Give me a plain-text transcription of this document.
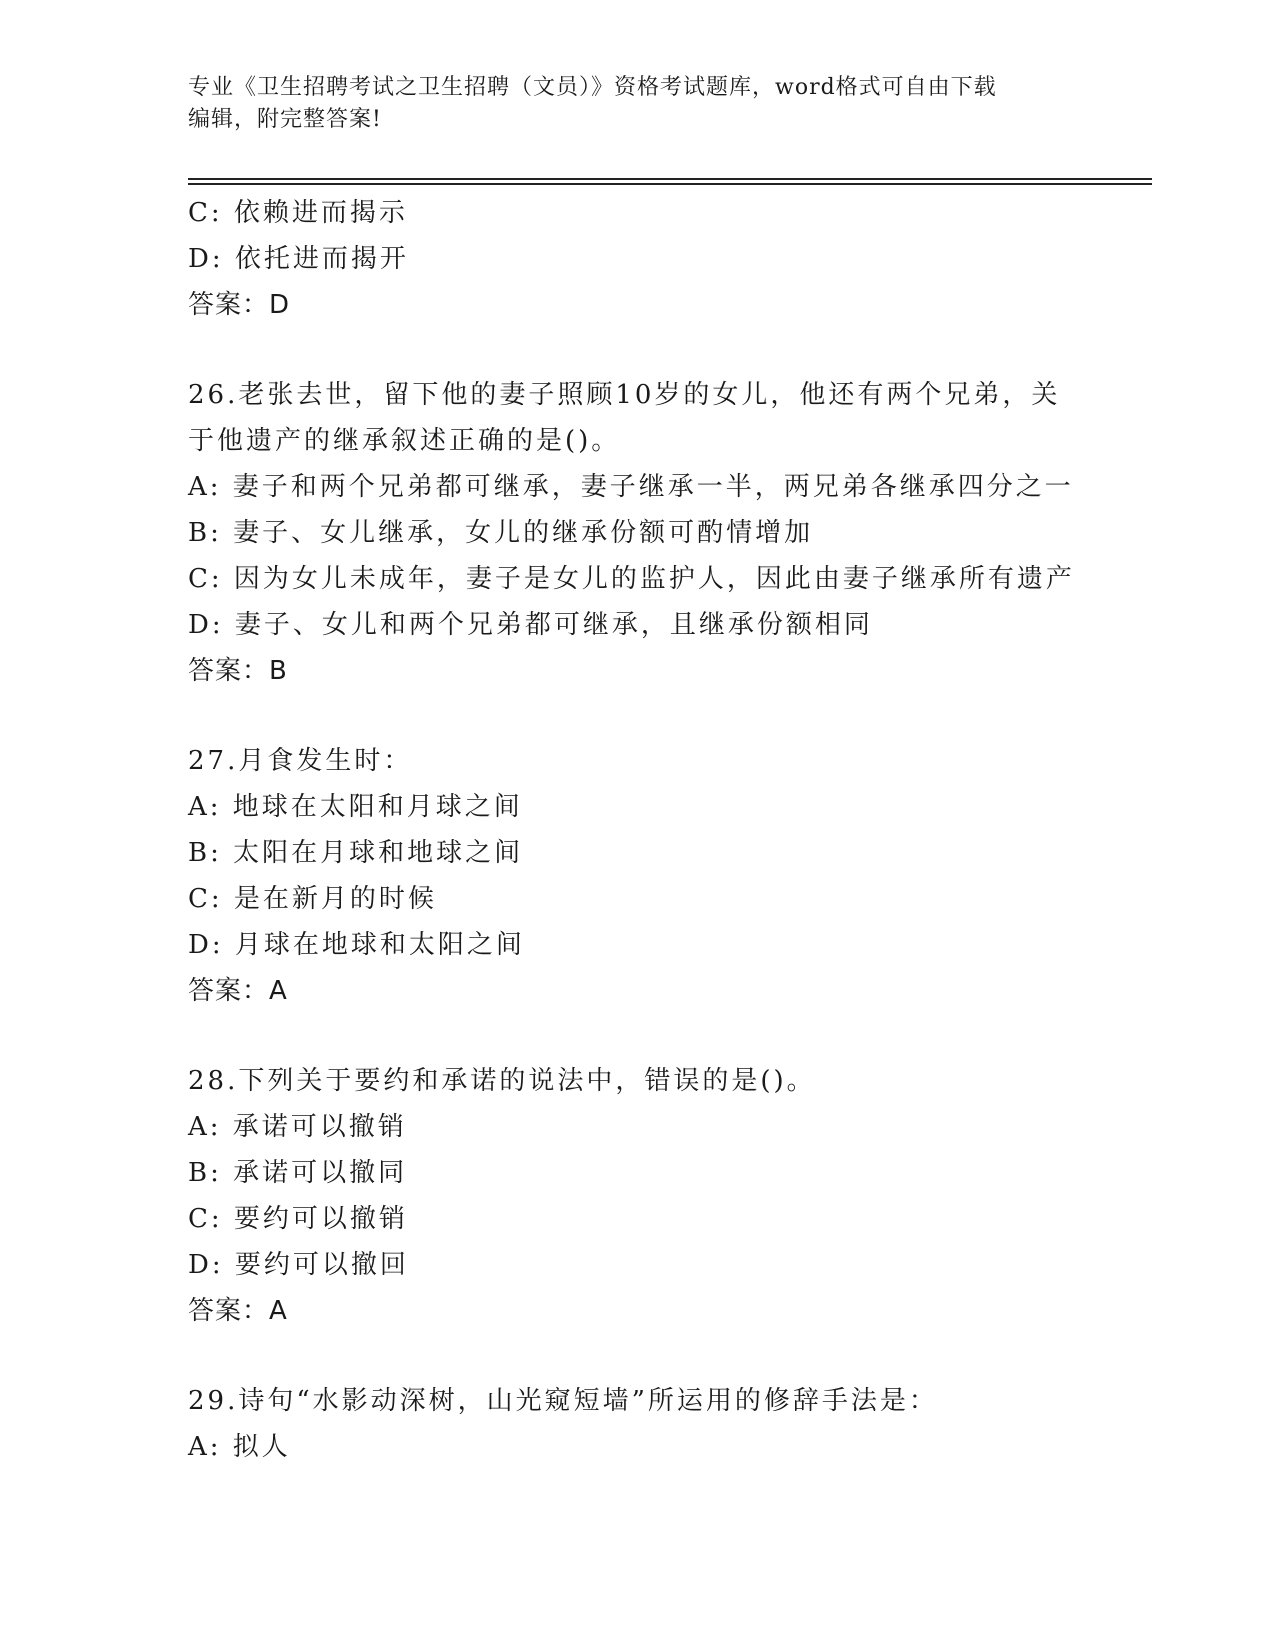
专业《卫生招聘考试之卫生招聘（文员）》资格考试题库，word格式可自由下载
编辑，附完整答案!
C: 依赖进而揭示
D: 依托进而揭开
答案：D
26.老张去世，留下他的妻子照顾10岁的女儿，他还有两个兄弟，关
于他遗产的继承叙述正确的是()。
A: 妻子和两个兄弟都可继承，妻子继承一半，两兄弟各继承四分之一
B: 妻子、女儿继承，女儿的继承份额可酌情增加
C: 因为女儿未成年，妻子是女儿的监护人，因此由妻子继承所有遗产
D: 妻子、女儿和两个兄弟都可继承，且继承份额相同
答案：B
27.月食发生时：
A: 地球在太阳和月球之间
B: 太阳在月球和地球之间
C: 是在新月的时候
D: 月球在地球和太阳之间
答案：A
28.下列关于要约和承诺的说法中，错误的是()。
A: 承诺可以撤销
B: 承诺可以撤同
C: 要约可以撤销
D: 要约可以撤回
答案：A
29.诗句“水影动深树，山光窥短墙”所运用的修辞手法是：
A: 拟人
